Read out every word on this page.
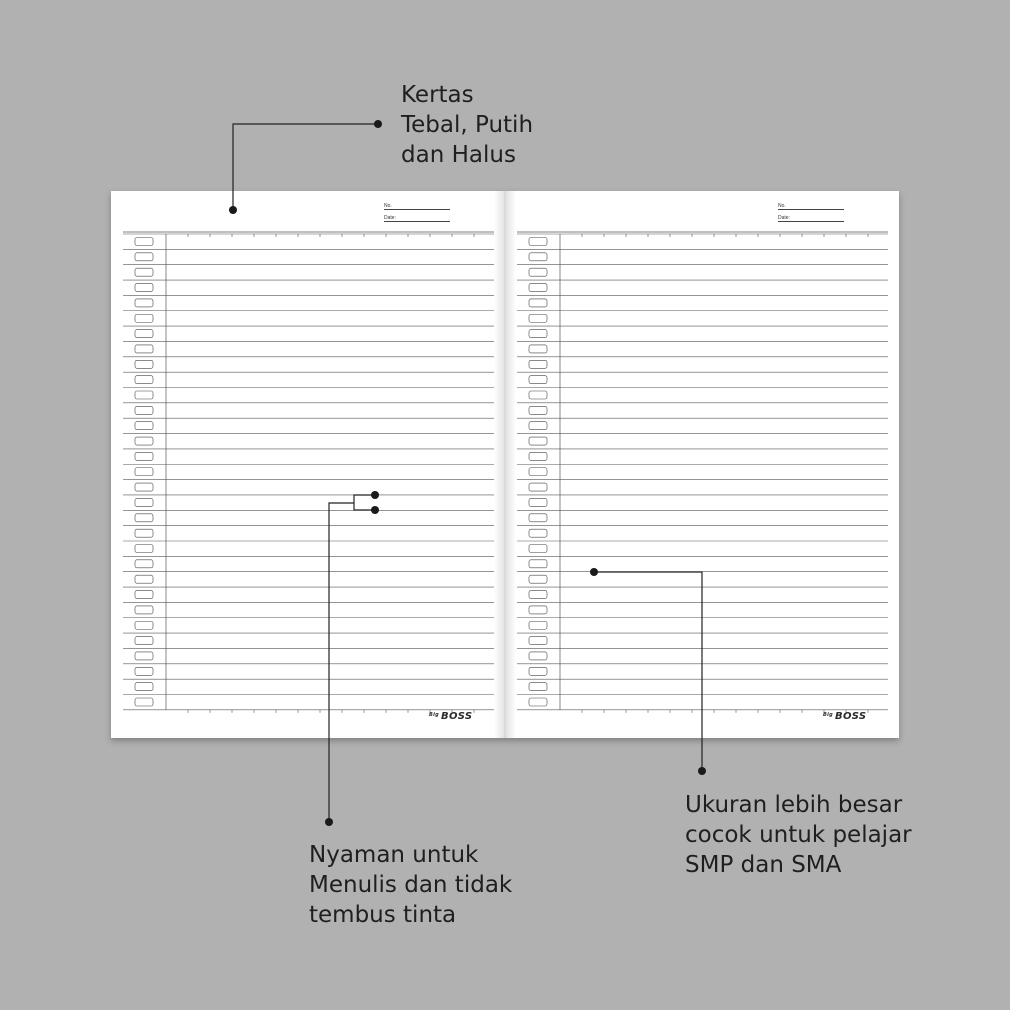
Kertas
Tebal, Putih
dan Halus
Nyaman untuk
Menulis dan tidak
tembus tinta
Ukuran lebih besar
cocok untuk pelajar
SMP dan SMA
No.
Date:
$^{Big}$ BOSS
No.
Date:
$^{Big}$ BOSS
